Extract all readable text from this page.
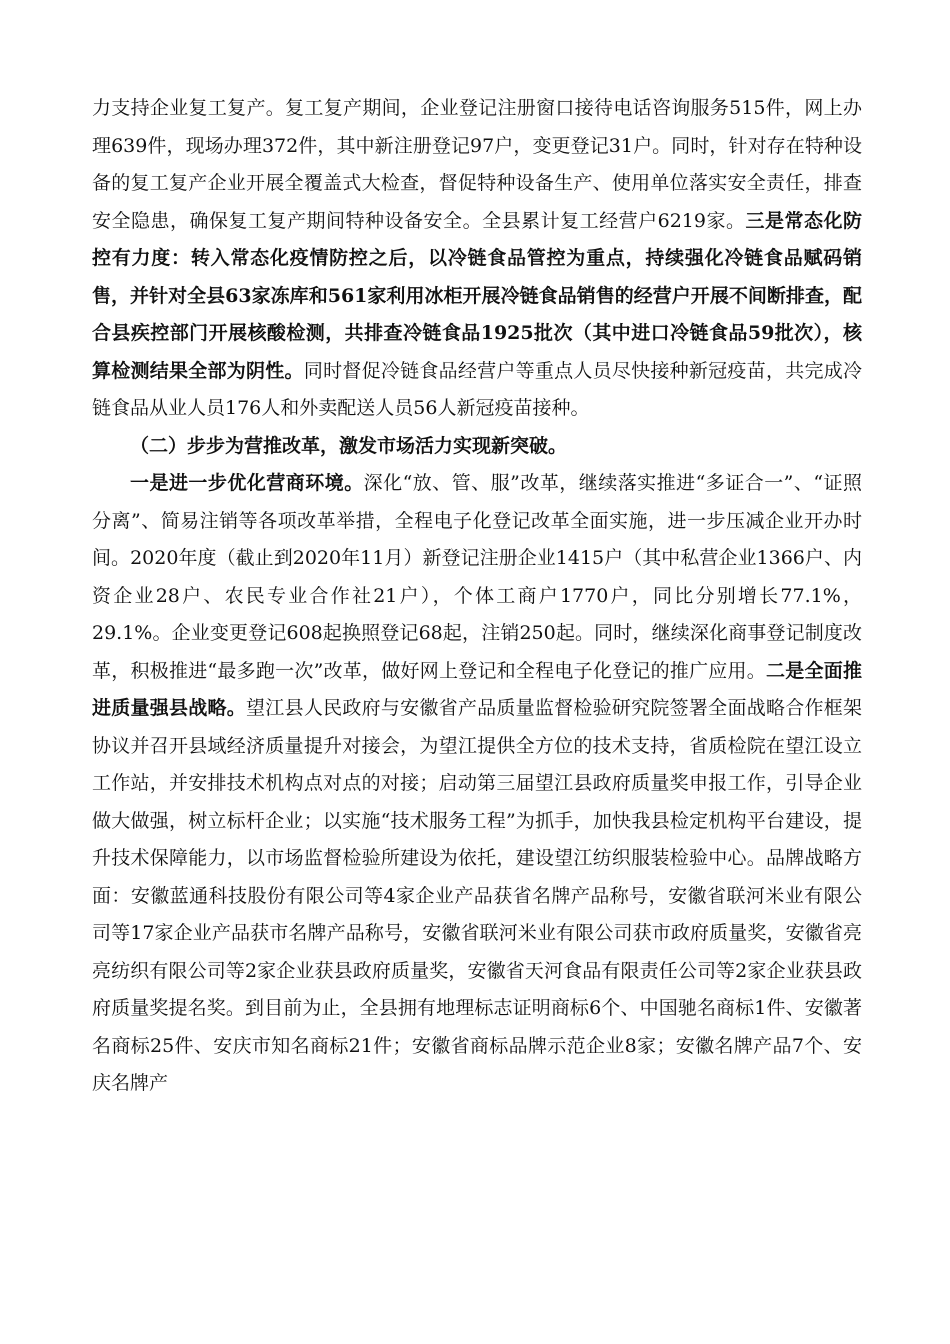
力支持企业复工复产。复工复产期间，企业登记注册窗口接待电话咨询服务515件，网上办理639件，现场办理372件，其中新注册登记97户，变更登记31户。同时，针对存在特种设备的复工复产企业开展全覆盖式大检查，督促特种设备生产、使用单位落实安全责任，排查安全隐患，确保复工复产期间特种设备安全。全县累计复工经营户6219家。三是常态化防控有力度：转入常态化疫情防控之后，以冷链食品管控为重点，持续强化冷链食品赋码销售，并针对全县63家冻库和561家利用冰柜开展冷链食品销售的经营户开展不间断排查，配合县疾控部门开展核酸检测，共排查冷链食品1925批次（其中进口冷链食品59批次），核算检测结果全部为阴性。同时督促冷链食品经营户等重点人员尽快接种新冠疫苗，共完成冷链食品从业人员176人和外卖配送人员56人新冠疫苗接种。

（二）步步为营推改革，激发市场活力实现新突破。

一是进一步优化营商环境。深化“放、管、服”改革，继续落实推进“多证合一”、“证照分离”、简易注销等各项改革举措，全程电子化登记改革全面实施，进一步压减企业开办时间。2020年度（截止到2020年11月）新登记注册企业1415户（其中私营企业1366户、内资企业28户、农民专业合作社21户），个体工商户1770户，同比分别增长77.1%，29.1%。企业变更登记608起换照登记68起，注销250起。同时，继续深化商事登记制度改革，积极推进“最多跑一次”改革，做好网上登记和全程电子化登记的推广应用。二是全面推进质量强县战略。望江县人民政府与安徽省产品质量监督检验研究院签署全面战略合作框架协议并召开县域经济质量提升对接会，为望江提供全方位的技术支持，省质检院在望江设立工作站，并安排技术机构点对点的对接；启动第三届望江县政府质量奖申报工作，引导企业做大做强，树立标杆企业；以实施“技术服务工程”为抓手，加快我县检定机构平台建设，提升技术保障能力，以市场监督检验所建设为依托，建设望江纺织服装检验中心。品牌战略方面：安徽蓝通科技股份有限公司等4家企业产品获省名牌产品称号，安徽省联河米业有限公司等17家企业产品获市名牌产品称号，安徽省联河米业有限公司获市政府质量奖，安徽省亮亮纺织有限公司等2家企业获县政府质量奖，安徽省天河食品有限责任公司等2家企业获县政府质量奖提名奖。到目前为止，全县拥有地理标志证明商标6个、中国驰名商标1件、安徽著名商标25件、安庆市知名商标21件；安徽省商标品牌示范企业8家；安徽名牌产品7个、安庆名牌产
